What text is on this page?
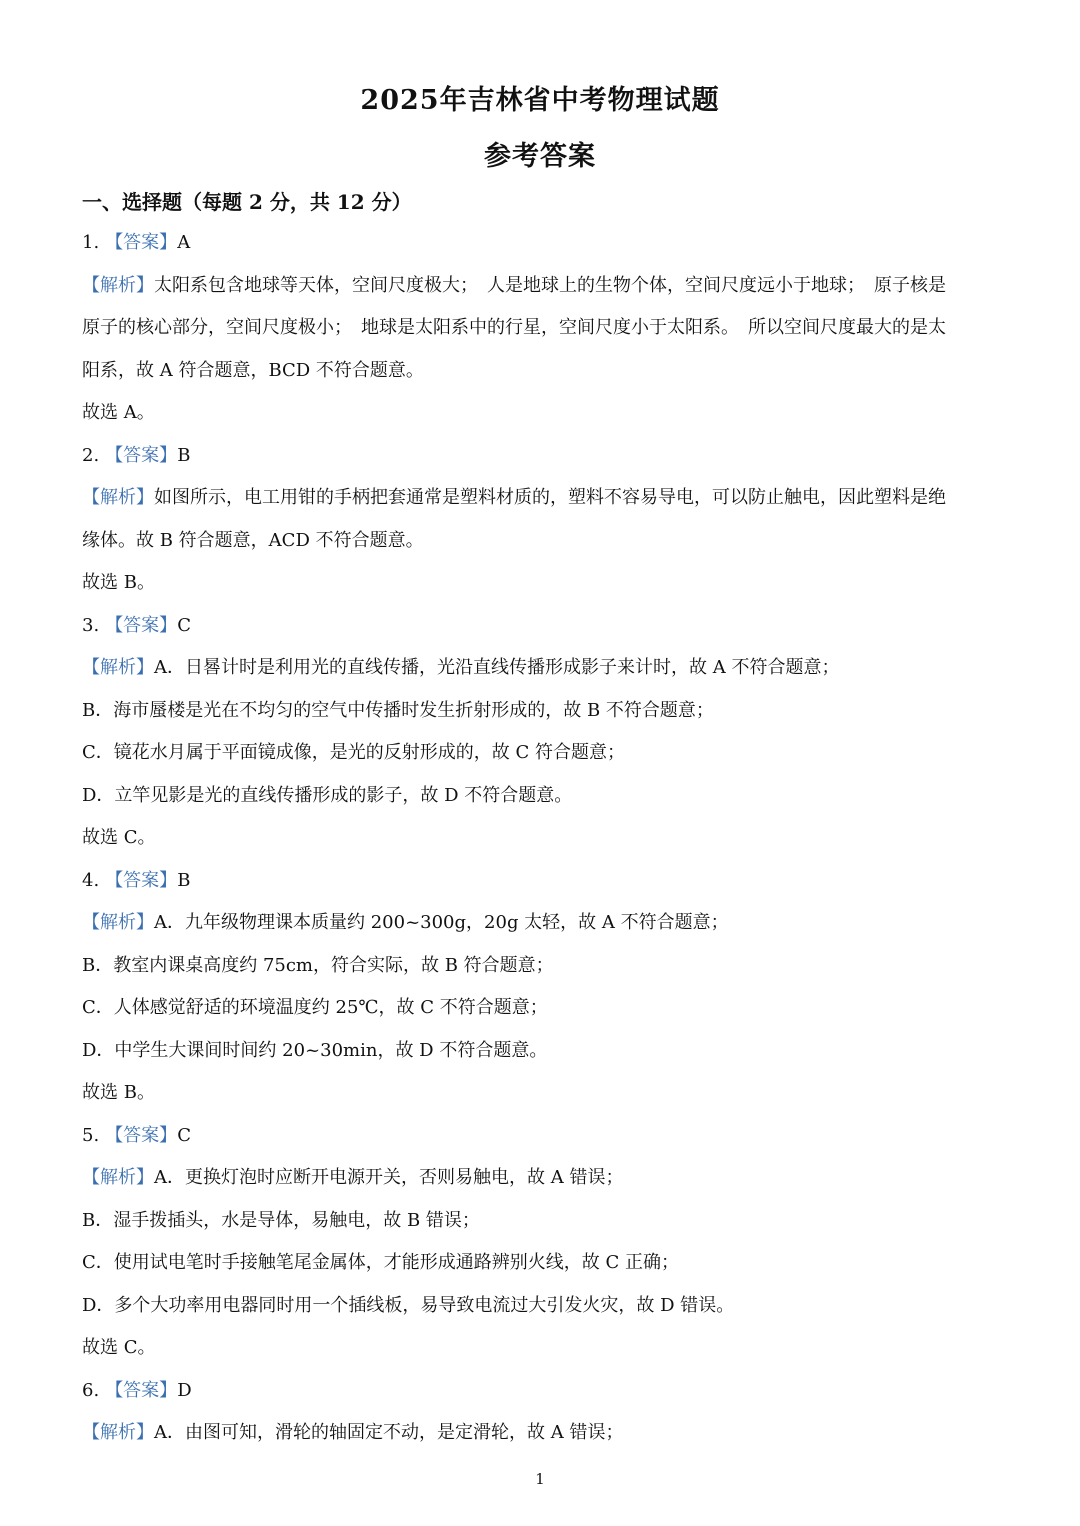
2025年吉林省中考物理试题
参考答案
一、选择题（每题 2 分，共 12 分）
1. 【答案】A
【解析】太阳系包含地球等天体，空间尺度极大；　人是地球上的生物个体，空间尺度远小于地球；　原子核是
原子的核心部分，空间尺度极小；　地球是太阳系中的行星，空间尺度小于太阳系。　所以空间尺度最大的是太
阳系，故 A 符合题意，BCD 不符合题意。
故选 A。
2. 【答案】B
【解析】如图所示，电工用钳的手柄把套通常是塑料材质的，塑料不容易导电，可以防止触电，因此塑料是绝
缘体。故 B 符合题意，ACD 不符合题意。
故选 B。
3. 【答案】C
【解析】A．日晷计时是利用光的直线传播，光沿直线传播形成影子来计时，故 A 不符合题意；
B．海市蜃楼是光在不均匀的空气中传播时发生折射形成的，故 B 不符合题意；
C．镜花水月属于平面镜成像，是光的反射形成的，故 C 符合题意；
D．立竿见影是光的直线传播形成的影子，故 D 不符合题意。
故选 C。
4. 【答案】B
【解析】A．九年级物理课本质量约 200~300g，20g 太轻，故 A 不符合题意；
B．教室内课桌高度约 75cm，符合实际，故 B 符合题意；
C．人体感觉舒适的环境温度约 25℃，故 C 不符合题意；
D．中学生大课间时间约 20~30min，故 D 不符合题意。
故选 B。
5. 【答案】C
【解析】A．更换灯泡时应断开电源开关，否则易触电，故 A 错误；
B．湿手拨插头，水是导体，易触电，故 B 错误；
C．使用试电笔时手接触笔尾金属体，才能形成通路辨别火线，故 C 正确；
D．多个大功率用电器同时用一个插线板，易导致电流过大引发火灾，故 D 错误。
故选 C。
6. 【答案】D
【解析】A．由图可知，滑轮的轴固定不动，是定滑轮，故 A 错误；
1
